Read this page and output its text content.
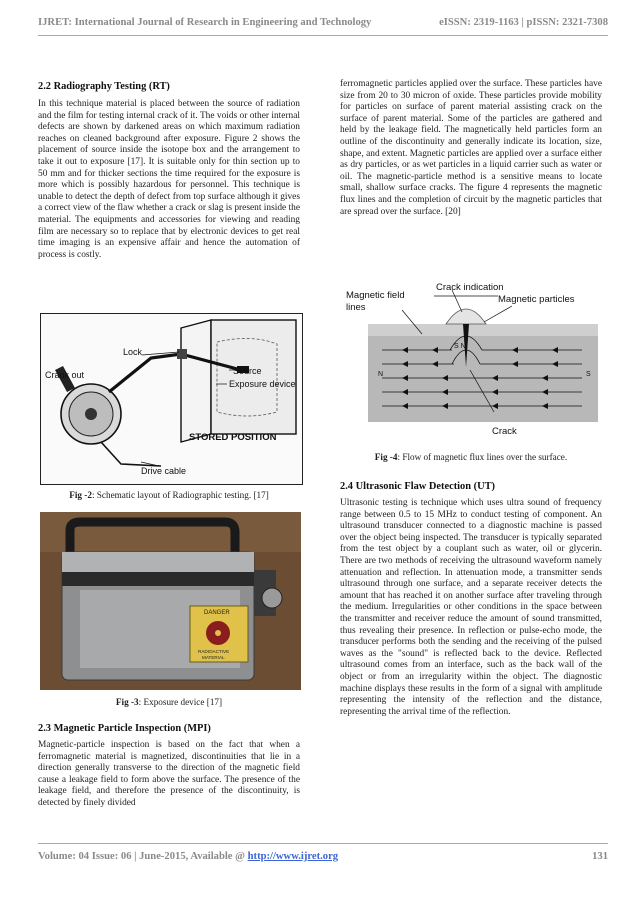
IJRET: International Journal of Research in Engineering and Technology	eISSN: 2319-1163 | pISSN: 2321-7308

2.2 Radiography Testing (RT)

In this technique material is placed between the source of radiation and the film for testing internal crack of it. The voids or other internal defects are shown by darkened areas on which maximum radiation reaches on cleaned background after exposure. Figure 2 shows the placement of source inside the isotope box and the arrangement to take it out to exposure [17]. It is suitable only for thin section up to 50 mm and for thicker sections the time required for the exposure is more which is possibly hazardous for personnel. This technique is unable to detect the depth of defect from top surface although it gives a correct view of the flaw whether a crack or slag is present inside the material. The equipments and accessories for viewing and reading film are necessary so to replace that by electronic devices to get real time imaging is an expensive affair and hence the automation of process is costly.

Lock
Crank out	Source
Exposure device
STORED POSITION
Drive cable
Fig -2: Schematic layout of Radiographic testing. [17]
DANGER
RADIOACTIVE
MATERIAL
Fig -3: Exposure device [17]

2.3 Magnetic Particle Inspection (MPI)

Magnetic-particle inspection is based on the fact that when a ferromagnetic material is magnetized, discontinuities that lie in a direction generally transverse to the direction of the magnetic field cause a leakage field to form above the surface. The presence of the leakage field, and therefore the presence of the discontinuity, is detected by finely divided

ferromagnetic particles applied over the surface. These particles have size from 20 to 30 micron of oxide. These particles provide mobility for particles on surface of parent material assisting crack on the surface of parent material. Some of the particles are gathered and held by the leakage field. The magnetically held particles form an outline of the discontinuity and generally indicate its location, size, shape, and extent. Magnetic particles are applied over a surface either as dry particles, or as wet particles in a liquid carrier such as water or oil. The magnetic-particle method is a sensitive means to locate small, shallow surface cracks. The figure 4 represents the magnetic flux lines and the completion of circuit by the magnetic particles that are spread over the surface. [20]

Magnetic field
lines
Crack indication
Magnetic particles
N	S
S N
Crack
Fig -4: Flow of magnetic flux lines over the surface.

2.4 Ultrasonic Flaw Detection (UT)

Ultrasonic testing is technique which uses ultra sound of frequency range between 0.5 to 15 MHz to conduct testing of component. An ultrasound transducer connected to a diagnostic machine is passed over the object being inspected. The transducer is typically separated from the test object by a couplant such as water, oil or glycerin. There are two methods of receiving the ultrasound waveform namely attenuation and reflection. In attenuation mode, a transmitter sends ultrasound through one surface, and a separate receiver detects the amount that has reached it on another surface after traveling through the medium. Irregularities or other conditions in the space between the transmitter and receiver reduce the amount of sound transmitted, thus revealing their presence. In reflection or pulse-echo mode, the transducer performs both the sending and the receiving of the pulsed waves as the "sound" is reflected back to the device. Reflected ultrasound comes from an interface, such as the back wall of the object or from an irregularity within the object. The diagnostic machine displays these results in the form of a signal with amplitude representing the intensity of the reflection and the distance, representing the arrival time of the reflection.

Volume: 04 Issue: 06 | June-2015, Available @ http://www.ijret.org	131
